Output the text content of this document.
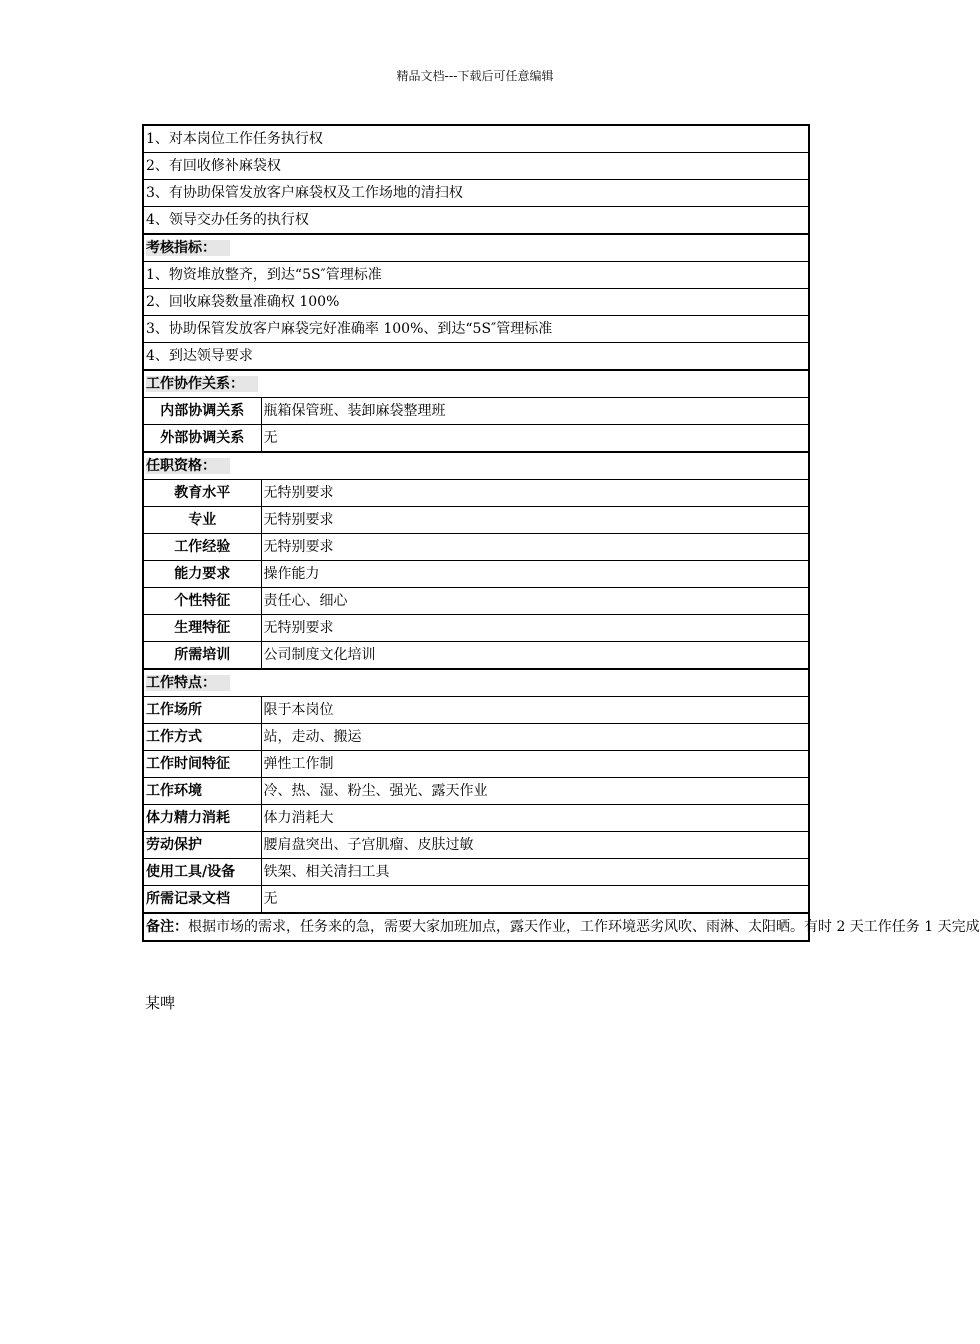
精品文档---下载后可任意编辑
1、对本岗位工作任务执行权	
2、有回收修补麻袋权	
3、有协助保管发放客户麻袋权及工作场地的清扫权	
4、领导交办任务的执行权	
考核指标：	
1、物资堆放整齐，到达“5S″管理标准	
2、回收麻袋数量准确权 100%	
3、协助保管发放客户麻袋完好准确率 100%、到达“5S″管理标准	
4、到达领导要求	
工作协作关系：	
内部协调关系	瓶箱保管班、装卸麻袋整理班
外部协调关系	无
任职资格：	
教育水平	无特别要求
专业	无特别要求
工作经验	无特别要求
能力要求	操作能力
个性特征	责任心、细心
生理特征	无特别要求
所需培训	公司制度文化培训
工作特点：	
工作场所	限于本岗位
工作方式	站，走动、搬运
工作时间特征	弹性工作制
工作环境	冷、热、湿、粉尘、强光、露天作业
体力精力消耗	体力消耗大
劳动保护	腰肩盘突出、子宫肌瘤、皮肤过敏
使用工具/设备	铁架、相关清扫工具
所需记录文档	无
备注：根据市场的需求，任务来的急，需要大家加班加点，露天作业，工作环境恶劣风吹、雨淋、太阳晒。有时 2 天工作任务 1 天完成	
某啤
